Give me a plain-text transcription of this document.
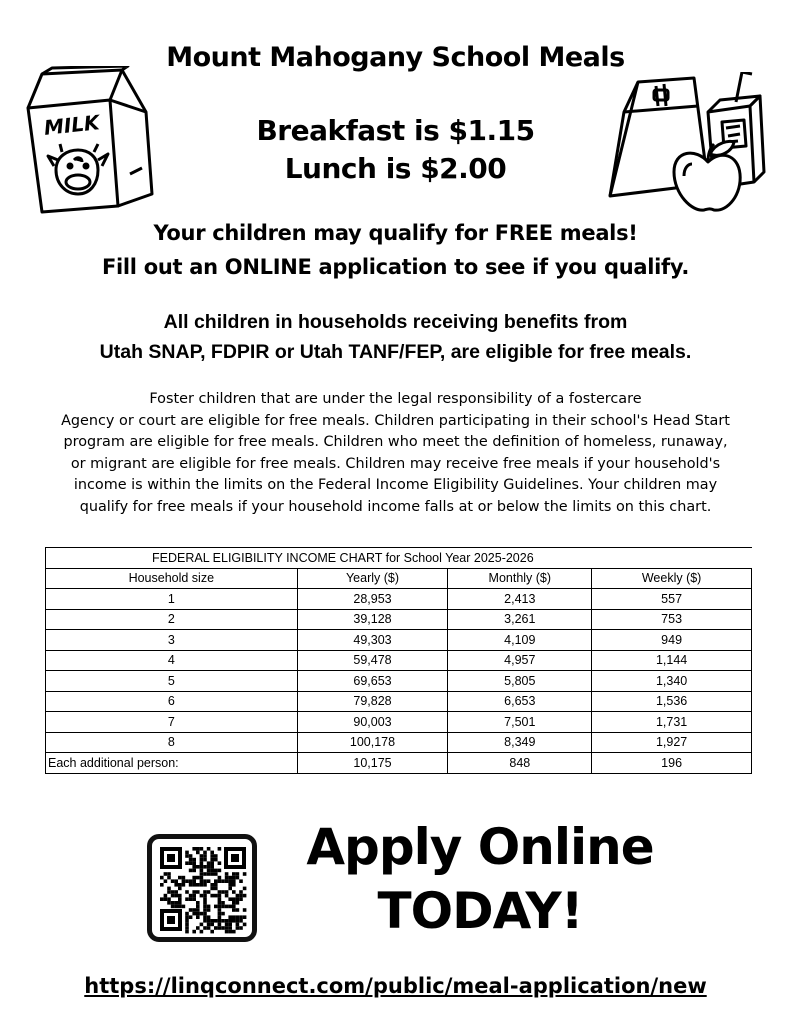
Mount Mahogany School Meals
Breakfast is $1.15
Lunch is $2.00
MILK
Your children may qualify for FREE meals!
Fill out an ONLINE application to see if you qualify.
All children in households receiving benefits from
Utah SNAP, FDPIR or Utah TANF/FEP, are eligible for free meals.
Foster children that are under the legal responsibility of a fostercare
Agency or court are eligible for free meals. Children participating in their school's Head Start
program are eligible for free meals. Children who meet the definition of homeless, runaway,
or migrant are eligible for free meals. Children may receive free meals if your household's
income is within the limits on the Federal Income Eligibility Guidelines. Your children may
qualify for free meals if your household income falls at or below the limits on this chart.
FEDERAL ELIGIBILITY INCOME CHART for School Year 2025-2026			
Household size	Yearly ($)	Monthly ($)	Weekly ($)
1	28,953	2,413	557
2	39,128	3,261	753
3	49,303	4,109	949
4	59,478	4,957	1,144
5	69,653	5,805	1,340
6	79,828	6,653	1,536
7	90,003	7,501	1,731
8	100,178	8,349	1,927
Each additional person:	10,175	848	196
Apply Online
TODAY!
https://linqconnect.com/public/meal-application/new
